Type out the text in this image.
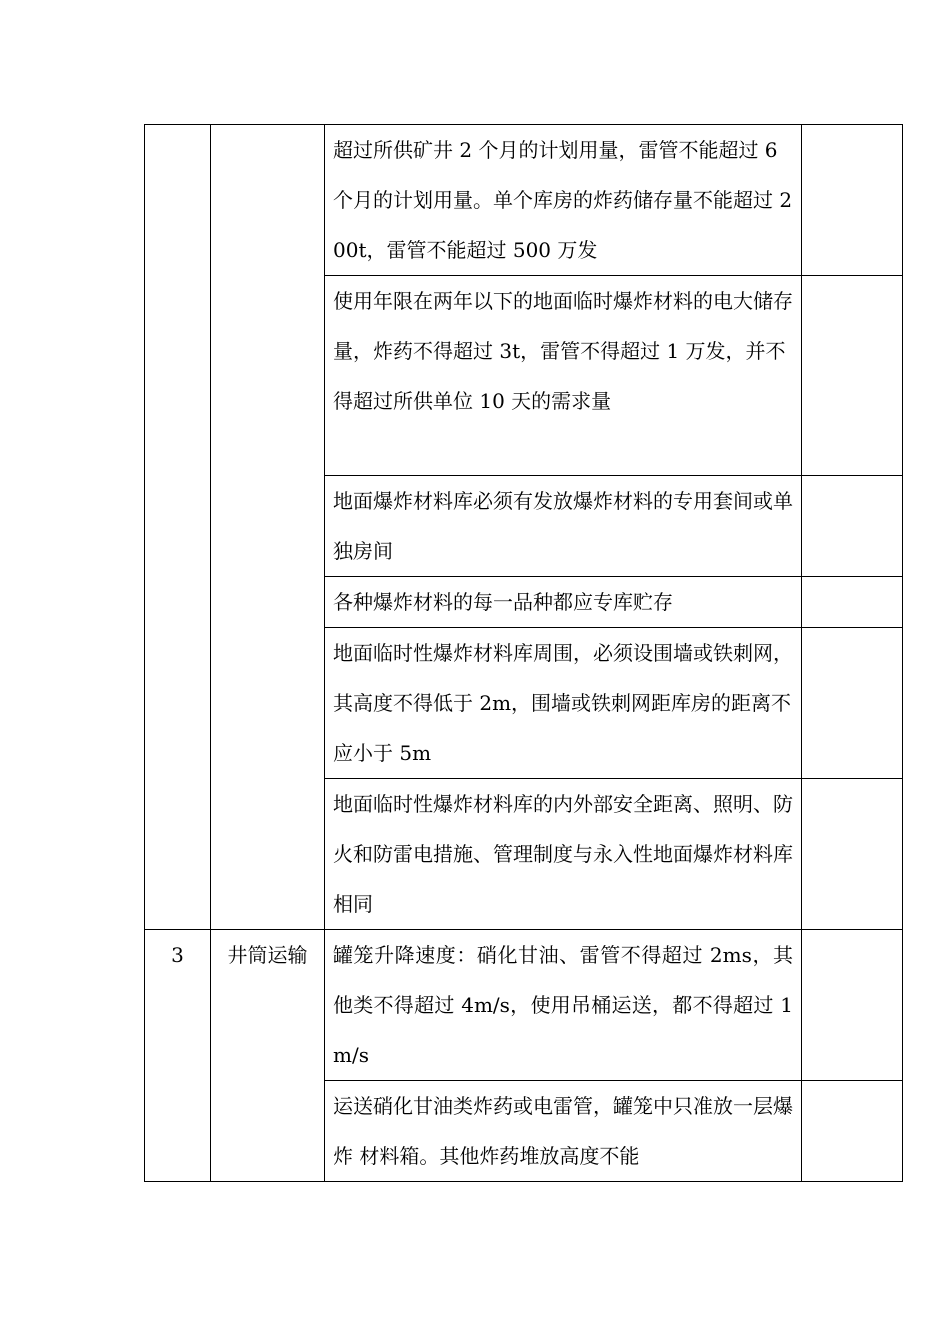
		超过所供矿井 2 个月的计划用量，雷管不能超过 6 个月的计划用量。单个库房的炸药储存量不能超过 200t，雷管不能超过 500 万发	

		使用年限在两年以下的地面临时爆炸材料的电大储存量，炸药不得超过 3t，雷管不得超过 1 万发，并不得超过所供单位 10 天的需求量	

		地面爆炸材料库必须有发放爆炸材料的专用套间或单独房间	

		各种爆炸材料的每一品种都应专库贮存	

		地面临时性爆炸材料库周围，必须设围墙或铁刺网，其高度不得低于 2m，围墙或铁刺网距库房的距离不应小于 5m	

		地面临时性爆炸材料库的内外部安全距离、照明、防火和防雷电措施、管理制度与永入性地面爆炸材料库相同	

3	井筒运输	罐笼升降速度：硝化甘油、雷管不得超过 2ms，其他类不得超过 4m/s，使用吊桶运送，都不得超过 1m/s	

		运送硝化甘油类炸药或电雷管，罐笼中只准放一层爆炸 材料箱。其他炸药堆放高度不能	
